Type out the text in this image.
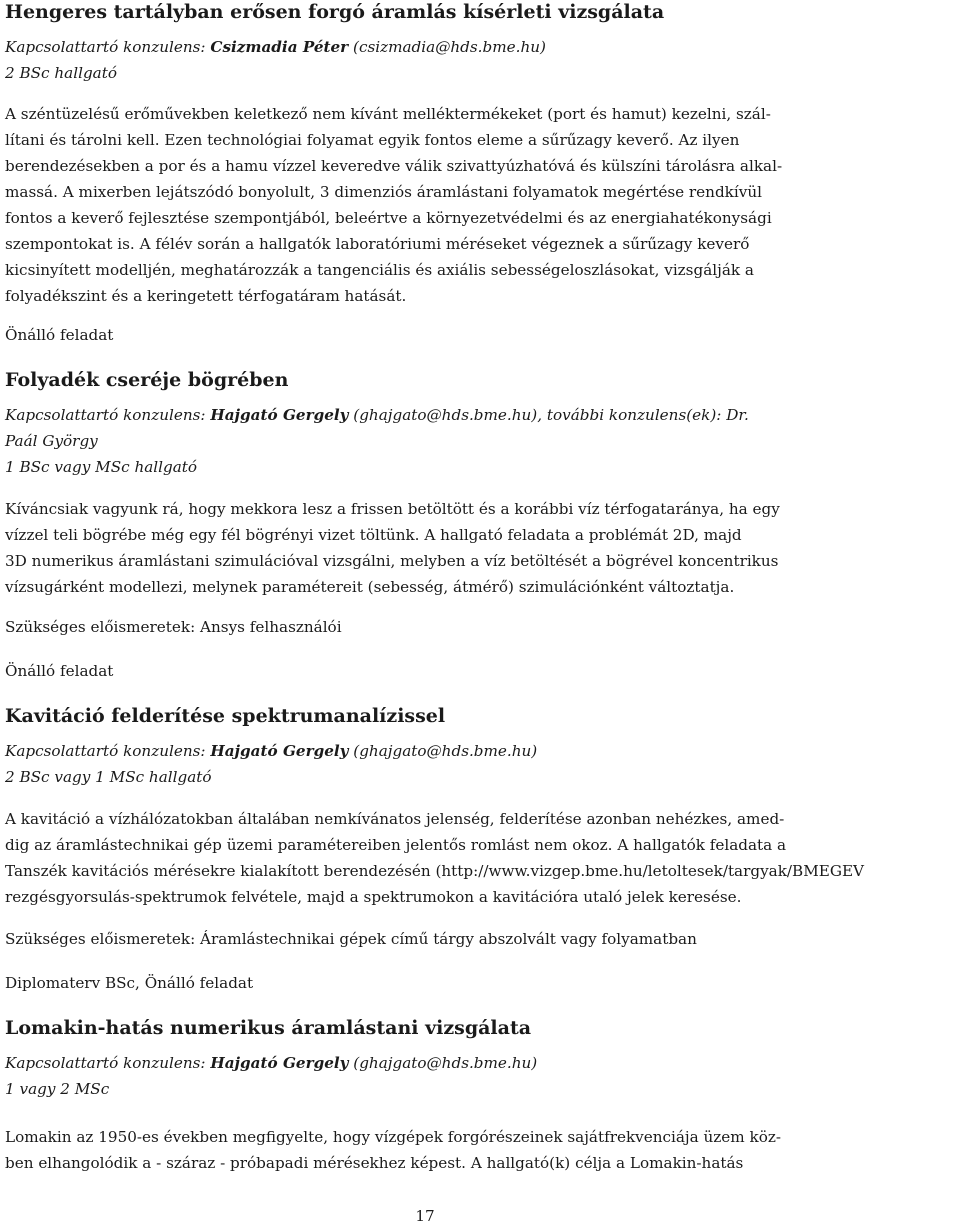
Hengeres tartályban erősen forgó áramlás kísérleti vizsgálata

Kapcsolattartó konzulens: Csizmadia Péter (csizmadia@hds.bme.hu)

2 BSc hallgató

A széntüzelésű erőművekben keletkező nem kívánt melléktermékeket (port és hamut) kezelni, szál-

lítani és tárolni kell. Ezen technológiai folyamat egyik fontos eleme a sűrűzagy keverő. Az ilyen

berendezésekben a por és a hamu vízzel keveredve válik szivattyúzhatóvá és külszíni tárolásra alkal-

massá. A mixerben lejátszódó bonyolult, 3 dimenziós áramlástani folyamatok megértése rendkívül

fontos a keverő fejlesztése szempontjából, beleértve a környezetvédelmi és az energiahatékonysági

szempontokat is. A félév során a hallgatók laboratóriumi méréseket végeznek a sűrűzagy keverő

kicsinyített modelljén, meghatározzák a tangenciális és axiális sebességeloszlásokat, vizsgálják a

folyadékszint és a keringetett térfogatáram hatását.

Önálló feladat

Folyadék cseréje bögrében

Kapcsolattartó konzulens: Hajgató Gergely (ghajgato@hds.bme.hu), további konzulens(ek): Dr.

Paál György

1 BSc vagy MSc hallgató

Kíváncsiak vagyunk rá, hogy mekkora lesz a frissen betöltött és a korábbi víz térfogataránya, ha egy

vízzel teli bögrébe még egy fél bögrényi vizet töltünk. A hallgató feladata a problémát 2D, majd

3D numerikus áramlástani szimulációval vizsgálni, melyben a víz betöltését a bögrével koncentrikus

vízsugárként modellezi, melynek paramétereit (sebesség, átmérő) szimulációnként változtatja.

Szükséges előismeretek: Ansys felhasználói

Önálló feladat

Kavitáció felderítése spektrumanalízissel

Kapcsolattartó konzulens: Hajgató Gergely (ghajgato@hds.bme.hu)

2 BSc vagy 1 MSc hallgató

A kavitáció a vízhálózatokban általában nemkívánatos jelenség, felderítése azonban nehézkes, amed-

dig az áramlástechnikai gép üzemi paramétereiben jelentős romlást nem okoz. A hallgatók feladata a

Tanszék kavitációs mérésekre kialakított berendezésén (http://www.vizgep.bme.hu/letoltesek/targyak/BMEGEV

rezgésgyorsulás-spektrumok felvétele, majd a spektrumokon a kavitációra utaló jelek keresése.

Szükséges előismeretek: Áramlástechnikai gépek című tárgy abszolvált vagy folyamatban

Diplomaterv BSc, Önálló feladat

Lomakin-hatás numerikus áramlástani vizsgálata

Kapcsolattartó konzulens: Hajgató Gergely (ghajgato@hds.bme.hu)

1 vagy 2 MSc

Lomakin az 1950-es években megfigyelte, hogy vízgépek forgórészeinek sajátfrekvenciája üzem köz-

ben elhangolódik a - száraz - próbapadi mérésekhez képest. A hallgató(k) célja a Lomakin-hatás

17
